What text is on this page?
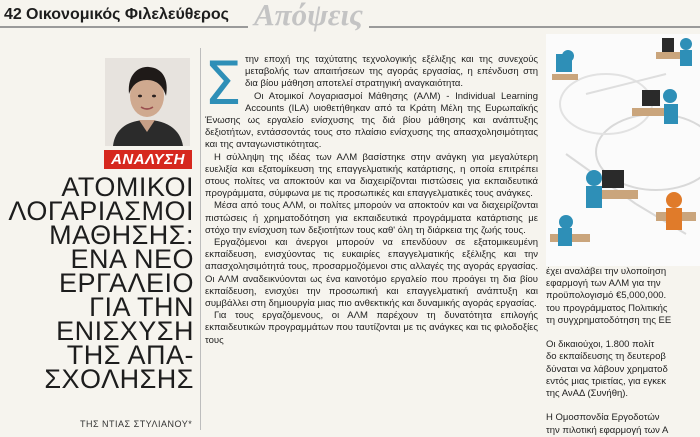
42 Οικονομικός Φιλελεύθερος Απόψεις
ΑΝΑΛΥΣΗ
ΑΤΟΜΙΚΟΙ
ΛΟΓΑΡΙΑΣΜΟΙ
ΜΑΘΗΣΗΣ:
ΕΝΑ ΝΕΟ
ΕΡΓΑΛΕΙΟ
ΓΙΑ ΤΗΝ
ΕΝΙΣΧΥΣΗ
ΤΗΣ ΑΠΑ-
ΣΧΟΛΗΣΗΣ
ΤΗΣ ΝΤΙΑΣ ΣΤΥΛΙΑΝΟΥ*
Σ την εποχή της ταχύτατης τεχνολογικής εξέλιξης και της συνεχούς μεταβολής των απαιτήσεων της αγοράς εργασίας, η επένδυση στη δια βίου μάθηση αποτελεί στρατηγική αναγκαιότητα.

Οι Ατομικοί Λογαριασμοί Μάθησης (ΑΛΜ) - Individual Learning Accounts (ILA) υιοθετήθηκαν από τα Κράτη Μέλη της Ευρωπαϊκής Ένωσης ως εργαλείο ενίσχυσης της διά βίου μάθησης και ανάπτυξης δεξιοτήτων, εντάσσοντάς τους στο πλαίσιο ενίσχυσης της απασχολησιμότητας και της ανταγωνιστικότητας.

Η σύλληψη της ιδέας των ΑΛΜ βασίστηκε στην ανάγκη για μεγαλύτερη ευελιξία και εξατομίκευση της επαγγελματικής κατάρτισης, η οποία επιτρέπει στους πολίτες να αποκτούν και να διαχειρίζονται πιστώσεις για εκπαιδευτικά προγράμματα, σύμφωνα με τις προσωπικές και επαγγελματικές τους ανάγκες.

Μέσα από τους ΑΛΜ, οι πολίτες μπορούν να αποκτούν και να διαχειρίζονται πιστώσεις ή χρηματοδότηση για εκπαιδευτικά προγράμματα κατάρτισης με στόχο την ενίσχυση των δεξιοτήτων τους καθ' όλη τη διάρκεια της ζωής τους.

Εργαζόμενοι και άνεργοι μπορούν να επενδύουν σε εξατομικευμένη εκπαίδευση, ενισχύοντας τις ευκαιρίες επαγγελματικής εξέλιξης και την απασχολησιμότητά τους, προσαρμοζόμενοι στις αλλαγές της αγοράς εργασίας. Οι ΑΛΜ αναδεικνύονται ως ένα καινοτόμο εργαλείο που προάγει τη δια βίου εκπαίδευση, ενισχύει την προσωπική και επαγγελματική ανάπτυξη και συμβάλλει στη δημιουργία μιας πιο ανθεκτικής και δυναμικής αγοράς εργασίας.

Για τους εργαζόμενους, οι ΑΛΜ παρέχουν τη δυνατότητα επιλογής εκπαιδευτικών προγραμμάτων που ταυτίζονται με τις ανάγκες και τις φιλοδοξίες τους

έχει αναλάβει την υλοποίηση

εφαρμογή των ΑΛΜ για την

προϋπολογισμό €5,000,000.

του προγράμματος Πολιτικής

τη συγχρηματοδότηση της ΕΕ

Οι δικαιούχοι, 1.800 πολίτ

δο εκπαίδευσης τη δευτεροβ

δύναται να λάβουν χρηματοδ

εντός μιας τριετίας, για εγκεκ

της ΑνΑΔ (Συνήθη).

Η Ομοσπονδία Εργοδοτών

την πιλοτική εφαρμογή των Α
